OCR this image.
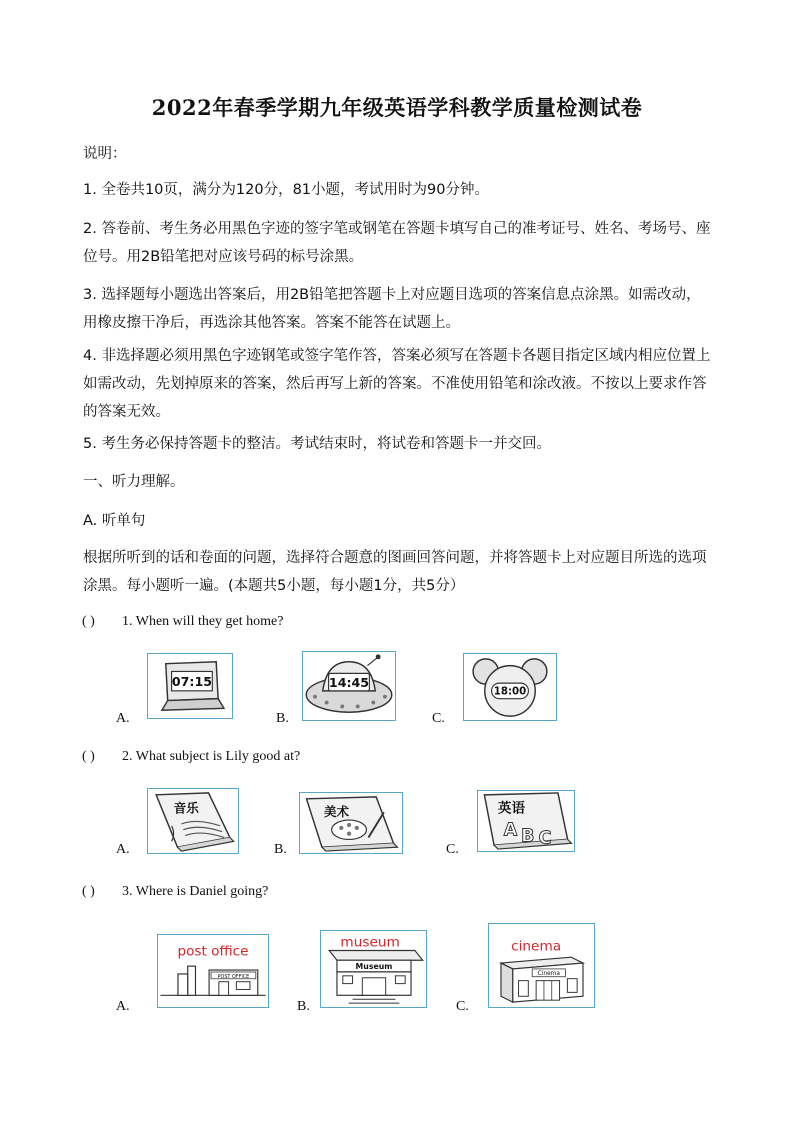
2022年春季学期九年级英语学科教学质量检测试卷
说明：
1. 全卷共10页，满分为120分，81小题，考试用时为90分钟。
2. 答卷前、考生务必用黑色字迹的签字笔或钢笔在答题卡填写自己的准考证号、姓名、考场号、座位号。用2B铅笔把对应该号码的标号涂黑。
3. 选择题每小题选出答案后，用2B铅笔把答题卡上对应题目选项的答案信息点涂黑。如需改动，用橡皮擦干净后，再选涂其他答案。答案不能答在试题上。
4. 非选择题必须用黑色字迹钢笔或签字笔作答，答案必须写在答题卡各题目指定区域内相应位置上如需改动，先划掉原来的答案，然后再写上新的答案。不准使用铅笔和涂改液。不按以上要求作答的答案无效。
5. 考生务必保持答题卡的整洁。考试结束时，将试卷和答题卡一并交回。
一、听力理解。
A. 听单句
根据所听到的话和卷面的问题，选择符合题意的图画回答问题，并将答题卡上对应题目所选的选项涂黑。每小题听一遍。(本题共5小题，每小题1分，共5分）
( ) 1. When will they get home?
A.
07:15
B.
14:45
C.
18:00
( ) 2. What subject is Lily good at?
A.
音乐
B.
美术
C.
英语
A B C
( ) 3. Where is Daniel going?
A.
post office
POST OFFICE
B.
museum
Museum
C.
cinema
Cinema
